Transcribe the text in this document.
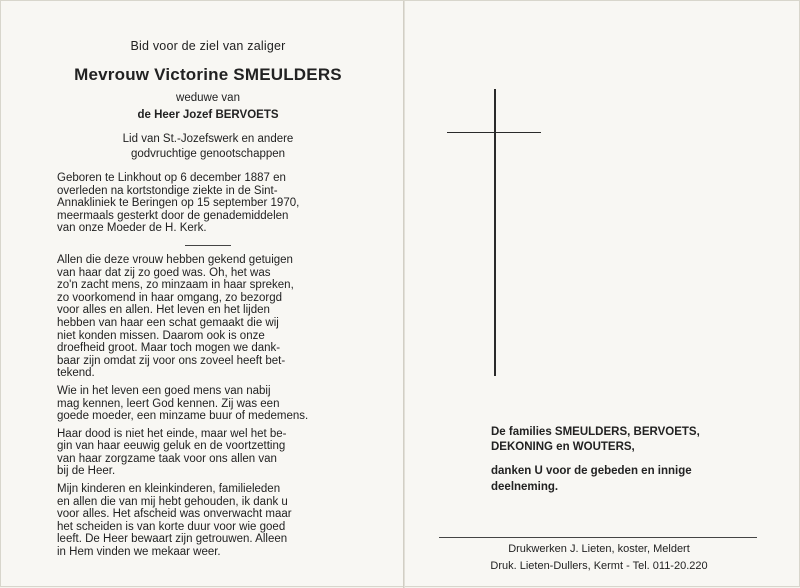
Bid voor de ziel van zaliger

Mevrouw Victorine SMEULDERS

weduwe van

de Heer Jozef BERVOETS

Lid van St.-Jozefswerk en andere

godvruchtige genootschappen

Geboren te Linkhout op 6 december 1887 en

overleden na kortstondige ziekte in de Sint-

Annakliniek te Beringen op 15 september 1970,

meermaals gesterkt door de genademiddelen

van onze Moeder de H. Kerk.

Allen die deze vrouw hebben gekend getuigen

van haar dat zij zo goed was. Oh, het was

zo'n zacht mens, zo minzaam in haar spreken,

zo voorkomend in haar omgang, zo bezorgd

voor alles en allen. Het leven en het lijden

hebben van haar een schat gemaakt die wij

niet konden missen. Daarom ook is onze

droefheid groot. Maar toch mogen we dank-

baar zijn omdat zij voor ons zoveel heeft bet-

tekend.

Wie in het leven een goed mens van nabij

mag kennen, leert God kennen. Zij was een

goede moeder, een minzame buur of medemens.

Haar dood is niet het einde, maar wel het be-

gin van haar eeuwig geluk en de voortzetting

van haar zorgzame taak voor ons allen van

bij de Heer.

Mijn kinderen en kleinkinderen, familieleden

en allen die van mij hebt gehouden, ik dank u

voor alles. Het afscheid was onverwacht maar

het scheiden is van korte duur voor wie goed

leeft. De Heer bewaart zijn getrouwen. Alleen

in Hem vinden we mekaar weer.

De families SMEULDERS, BERVOETS,

DEKONING en WOUTERS,

danken U voor de gebeden en innige

deelneming.

Drukwerken J. Lieten, koster, Meldert

Druk. Lieten-Dullers, Kermt - Tel. 011-20.220
